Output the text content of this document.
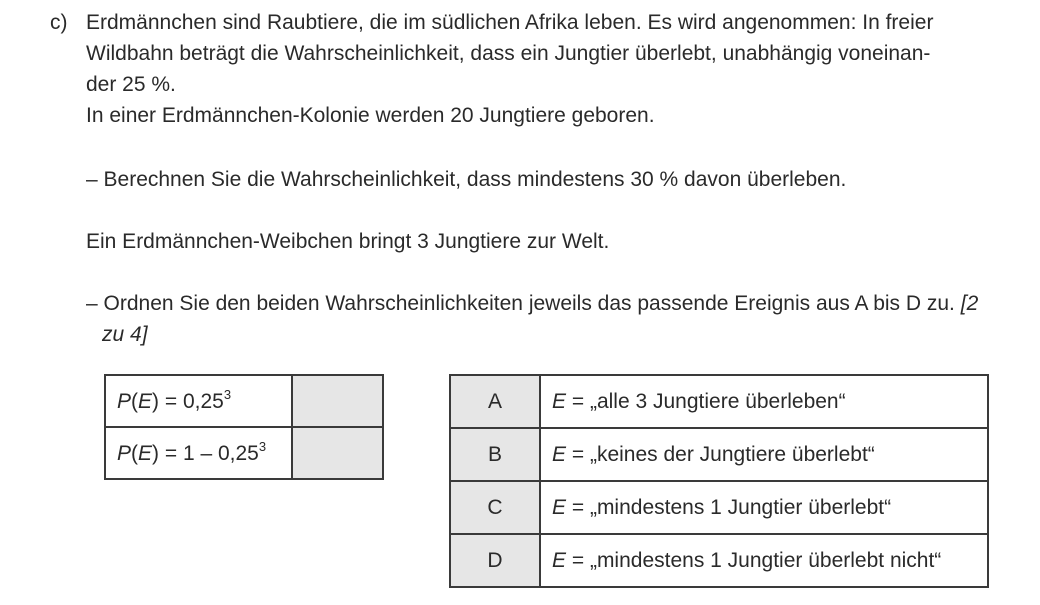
c) Erdmännchen sind Raubtiere, die im südlichen Afrika leben. Es wird angenommen: In freier
Wildbahn beträgt die Wahrscheinlichkeit, dass ein Jungtier überlebt, unabhängig voneinan-
der 25 %.
In einer Erdmännchen-Kolonie werden 20 Jungtiere geboren.
– Berechnen Sie die Wahrscheinlichkeit, dass mindestens 30 % davon überleben.
Ein Erdmännchen-Weibchen bringt 3 Jungtiere zur Welt.
– Ordnen Sie den beiden Wahrscheinlichkeiten jeweils das passende Ereignis aus A bis D zu. [2 zu 4]
$P(E) = 0,25^3$	
P(E) = 1 – 0,25$^3$	
A	E = „alle 3 Jungtiere überleben“
B	E = „keines der Jungtiere überlebt“
C	E = „mindestens 1 Jungtier überlebt“
D	E = „mindestens 1 Jungtier überlebt nicht“
